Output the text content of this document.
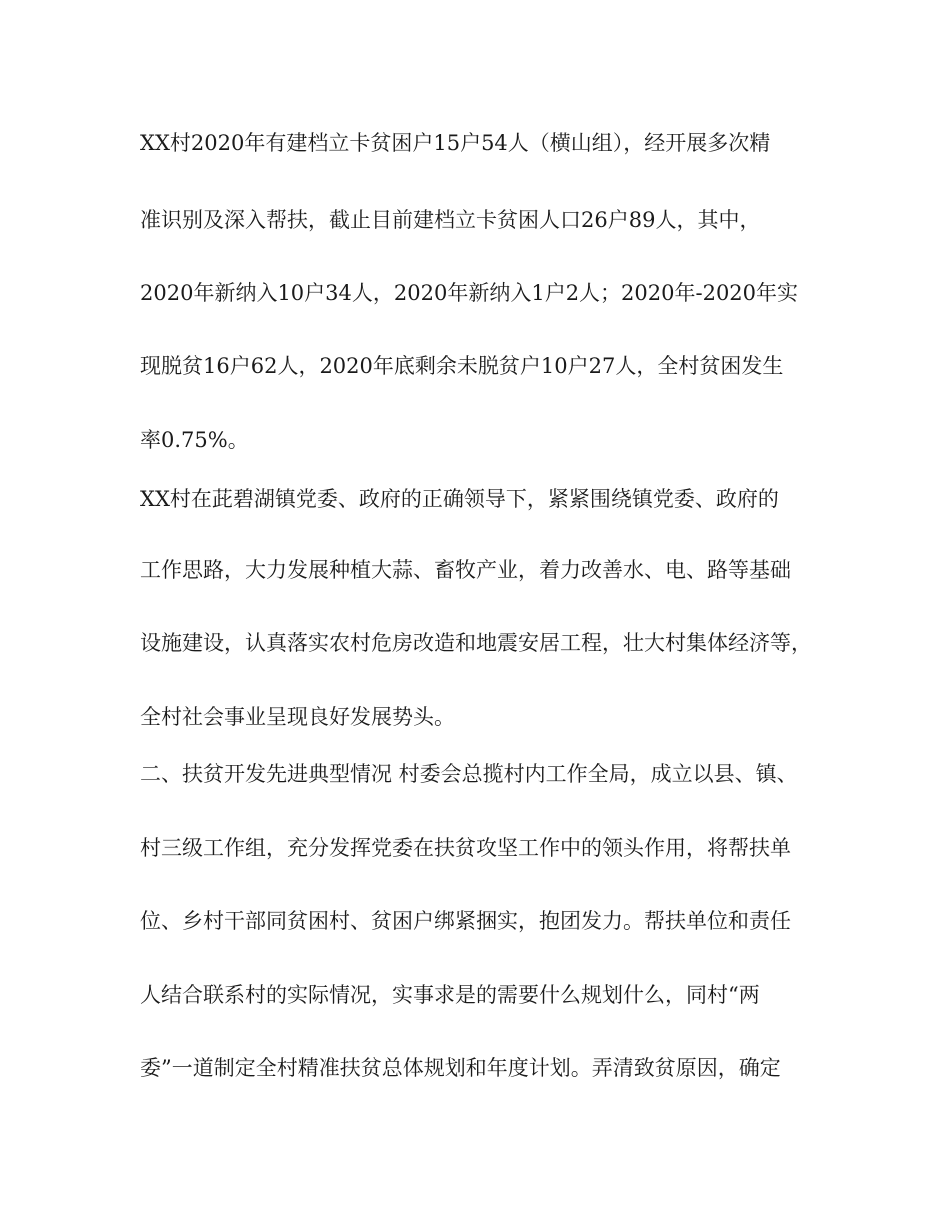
XX村2020年有建档立卡贫困户15户54人（横山组），经开展多次精
准识别及深入帮扶，截止目前建档立卡贫困人口26户89人，其中，
2020年新纳入10户34人，2020年新纳入1户2人；2020年-2020年实
现脱贫16户62人，2020年底剩余未脱贫户10户27人，全村贫困发生
率0.75%。
XX村在茈碧湖镇党委、政府的正确领导下，紧紧围绕镇党委、政府的
工作思路，大力发展种植大蒜、畜牧产业，着力改善水、电、路等基础
设施建设，认真落实农村危房改造和地震安居工程，壮大村集体经济等，
全村社会事业呈现良好发展势头。
二、扶贫开发先进典型情况 村委会总揽村内工作全局，成立以县、镇、
村三级工作组，充分发挥党委在扶贫攻坚工作中的领头作用，将帮扶单
位、乡村干部同贫困村、贫困户绑紧捆实，抱团发力。帮扶单位和责任
人结合联系村的实际情况，实事求是的需要什么规划什么，同村“两
委”一道制定全村精准扶贫总体规划和年度计划。弄清致贫原因，确定
